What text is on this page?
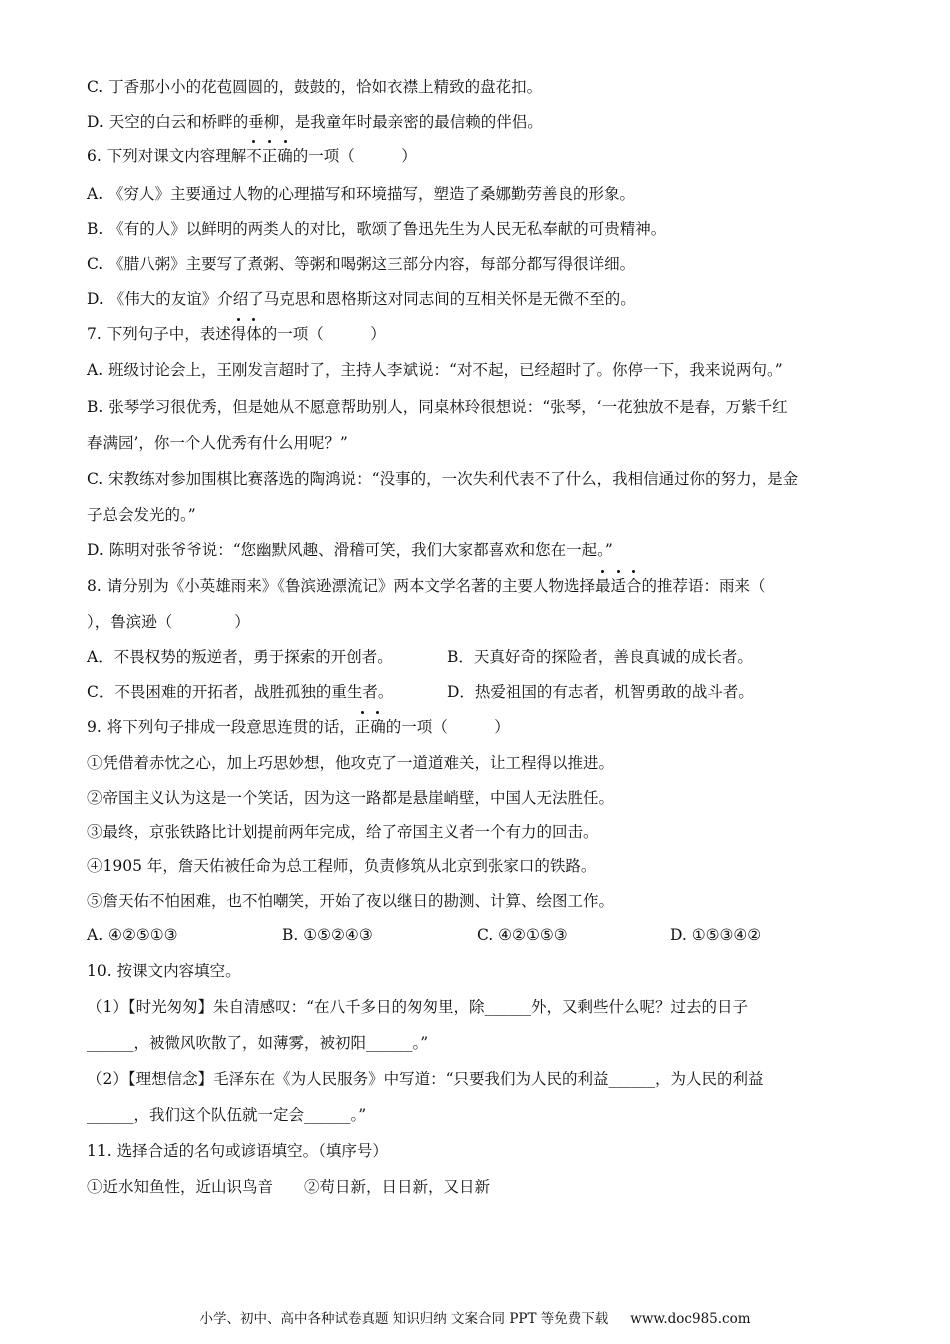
C. 丁香那小小的花苞圆圆的，鼓鼓的，恰如衣襟上精致的盘花扣。
D. 天空的白云和桥畔的垂柳，是我童年时最亲密的最信赖的伴侣。
6. 下列对课文内容理解不正确的一项（　　　）
A. 《穷人》主要通过人物的心理描写和环境描写，塑造了桑娜勤劳善良的形象。
B. 《有的人》以鲜明的两类人的对比，歌颂了鲁迅先生为人民无私奉献的可贵精神。
C. 《腊八粥》主要写了煮粥、等粥和喝粥这三部分内容，每部分都写得很详细。
D. 《伟大的友谊》介绍了马克思和恩格斯这对同志间的互相关怀是无微不至的。
7. 下列句子中，表述得体的一项（　　　）
A. 班级讨论会上，王刚发言超时了，主持人李斌说：“对不起，已经超时了。你停一下，我来说两句。”
B. 张琴学习很优秀，但是她从不愿意帮助别人，同桌林玲很想说：“张琴，‘一花独放不是春，万紫千红
春满园’，你一个人优秀有什么用呢？”
C. 宋教练对参加围棋比赛落选的陶鸿说：“没事的，一次失利代表不了什么，我相信通过你的努力，是金
子总会发光的。”
D. 陈明对张爷爷说：“您幽默风趣、滑稽可笑，我们大家都喜欢和您在一起。”
8. 请分别为《小英雄雨来》《鲁滨逊漂流记》两本文学名著的主要人物选择最适合的推荐语：雨来（
），鲁滨逊（　　　　）
A．不畏权势的叛逆者，勇于探索的开创者。	B．天真好奇的探险者，善良真诚的成长者。
C．不畏困难的开拓者，战胜孤独的重生者。	D．热爱祖国的有志者，机智勇敢的战斗者。
9. 将下列句子排成一段意思连贯的话，正确的一项（　　　）
①凭借着赤忱之心，加上巧思妙想，他攻克了一道道难关，让工程得以推进。
②帝国主义认为这是一个笑话，因为这一路都是悬崖峭壁，中国人无法胜任。
③最终，京张铁路比计划提前两年完成，给了帝国主义者一个有力的回击。
④1905 年，詹天佑被任命为总工程师，负责修筑从北京到张家口的铁路。
⑤詹天佑不怕困难，也不怕嘲笑，开始了夜以继日的勘测、计算、绘图工作。
A. ④②⑤①③	B. ①⑤②④③	C. ④②①⑤③	D. ①⑤③④②
10. 按课文内容填空。
（1）【时光匆匆】朱自清感叹：“在八千多日的匆匆里，除______外，又剩些什么呢？过去的日子
______，被微风吹散了，如薄雾，被初阳______。”
（2）【理想信念】毛泽东在《为人民服务》中写道：“只要我们为人民的利益______，为人民的利益
______，我们这个队伍就一定会______。”
11. 选择合适的名句或谚语填空。（填序号）
①近水知鱼性，近山识鸟音　　②苟日新，日日新，又日新
小学、初中、高中各种试卷真题 知识归纳 文案合同 PPT 等免费下载 www.doc985.com
